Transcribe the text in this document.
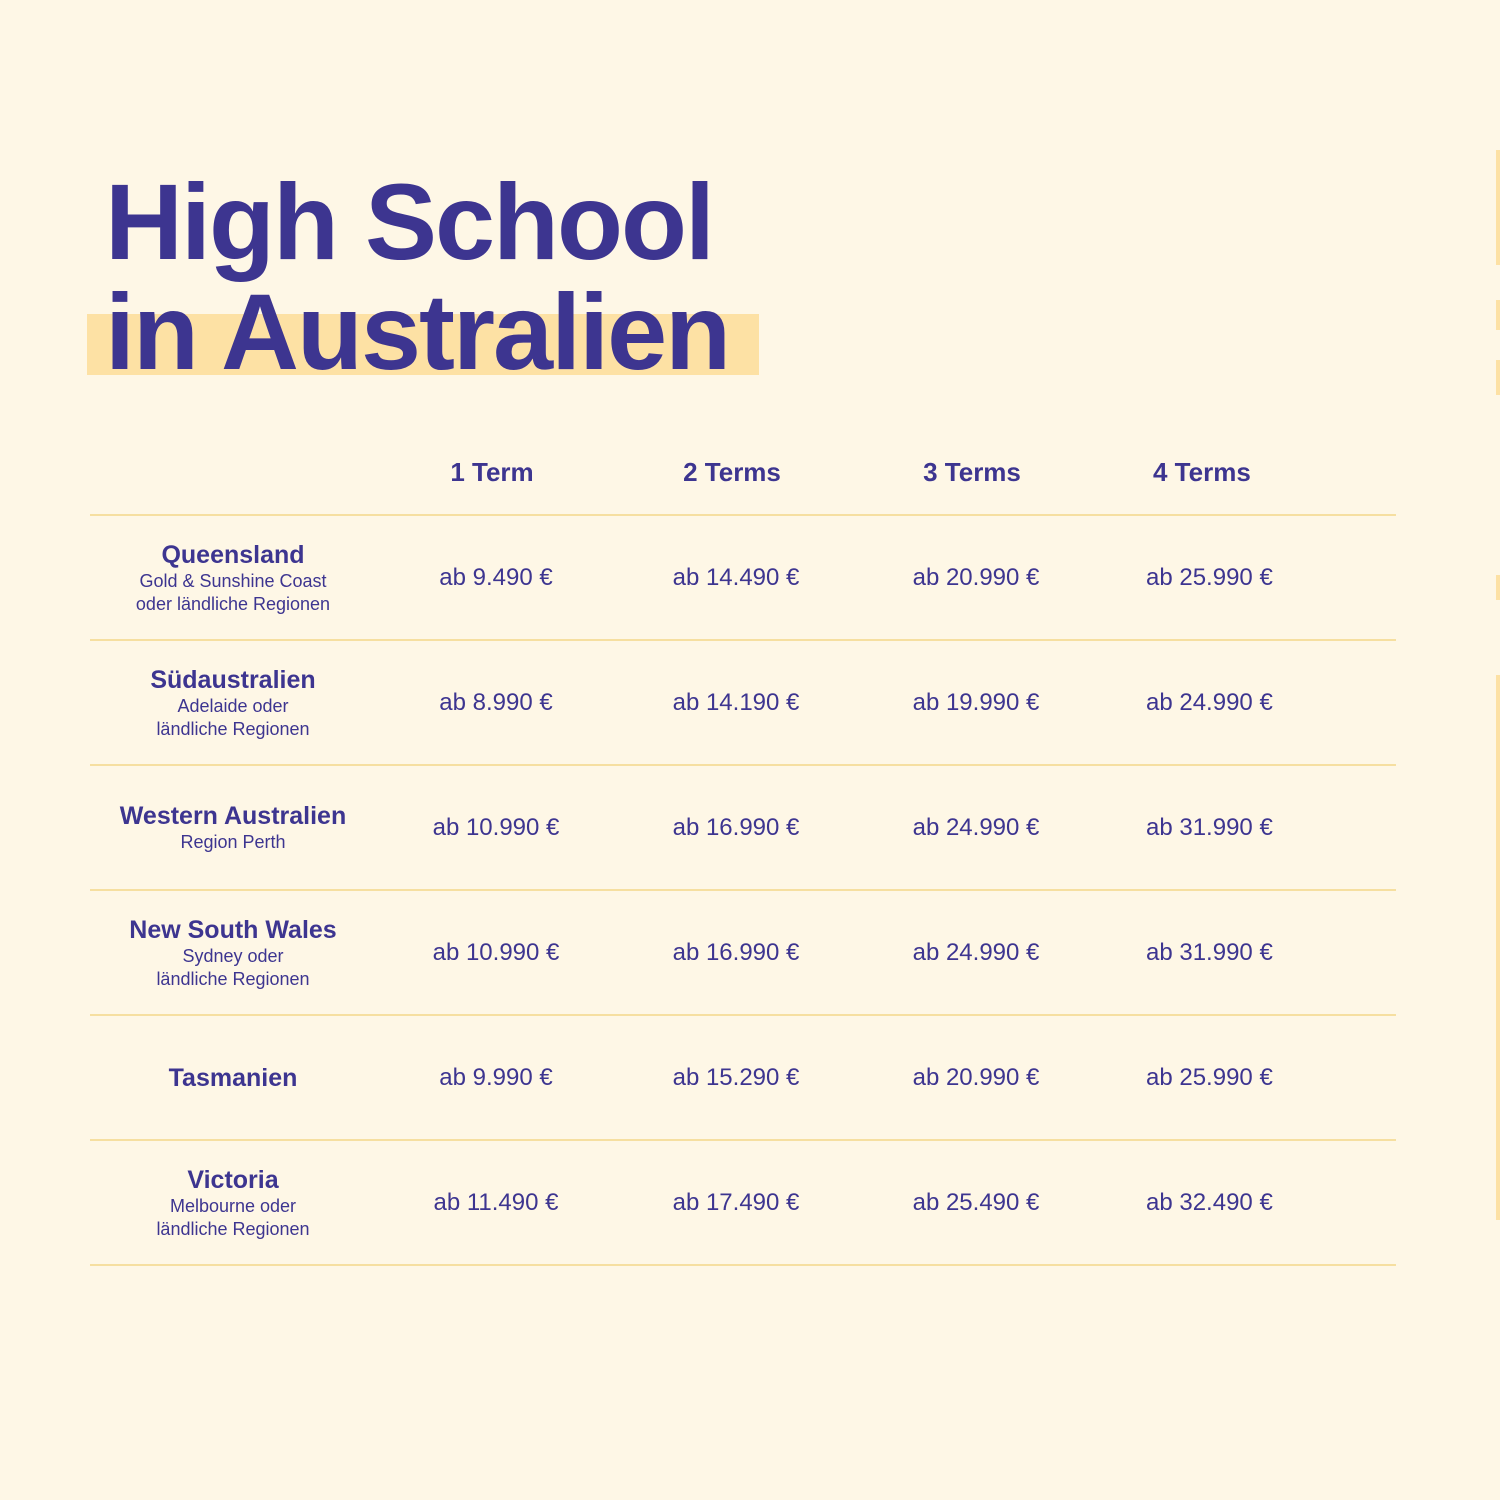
High School
in Australien
	1 Term	2 Terms	3 Terms	4 Terms

Queensland
Gold & Sunshine Coast
oder ländliche Regionen	ab 9.490 €	ab 14.490 €	ab 20.990 €	ab 25.990 €

Südaustralien
Adelaide oder
ländliche Regionen	ab 8.990 €	ab 14.190 €	ab 19.990 €	ab 24.990 €

Western Australien
Region Perth	ab 10.990 €	ab 16.990 €	ab 24.990 €	ab 31.990 €

New South Wales
Sydney oder
ländliche Regionen	ab 10.990 €	ab 16.990 €	ab 24.990 €	ab 31.990 €

Tasmanien	ab 9.990 €	ab 15.290 €	ab 20.990 €	ab 25.990 €

Victoria
Melbourne oder
ländliche Regionen	ab 11.490 €	ab 17.490 €	ab 25.490 €	ab 32.490 €
